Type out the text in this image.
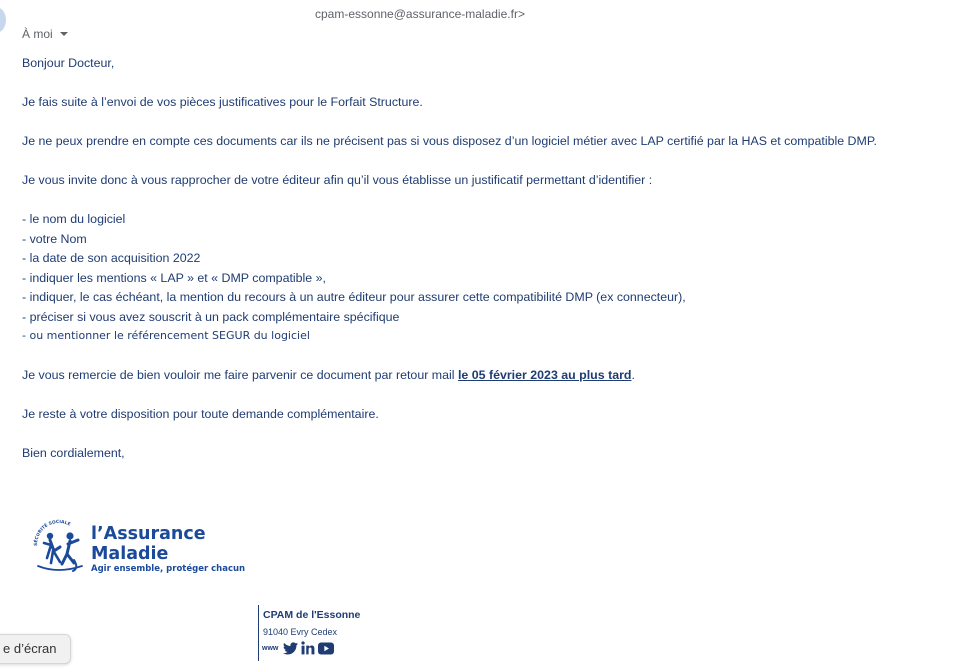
cpam-essonne@assurance-maladie.fr>
À moi
Bonjour Docteur,
Je fais suite à l’envoi de vos pièces justificatives pour le Forfait Structure.
Je ne peux prendre en compte ces documents car ils ne précisent pas si vous disposez d’un logiciel métier avec LAP certifié par la HAS et compatible DMP.
Je vous invite donc à vous rapprocher de votre éditeur afin qu’il vous établisse un justificatif permettant d’identifier :
- le nom du logiciel
- votre Nom
- la date de son acquisition 2022
- indiquer les mentions « LAP » et « DMP compatible »,
- indiquer, le cas échéant, la mention du recours à un autre éditeur pour assurer cette compatibilité DMP (ex connecteur),
- préciser si vous avez souscrit à un pack complémentaire spécifique
- ou mentionner le référencement SEGUR du logiciel
Je vous remercie de bien vouloir me faire parvenir ce document par retour mail le 05 février 2023 au plus tard.
Je reste à votre disposition pour toute demande complémentaire.
Bien cordialement,
SÉCURITÉ SOCIALE l’Assurance
Maladie
Agir ensemble, protéger chacun
CPAM de l'Essonne
91040 Evry Cedex
www
e d’écran
